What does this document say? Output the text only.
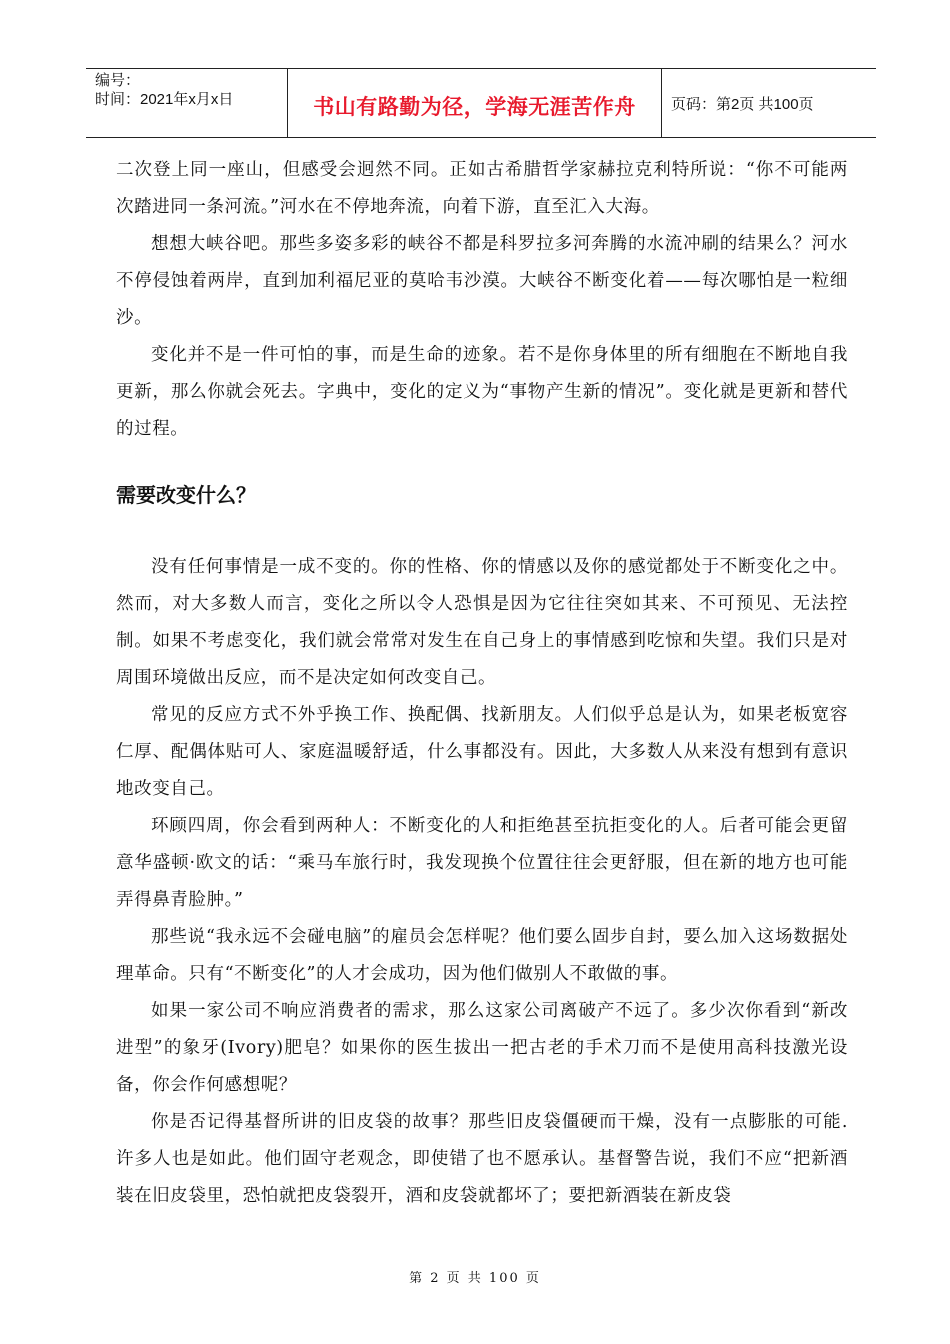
编号：
时间：2021年x月x日	书山有路勤为径，学海无涯苦作舟 页码：第2页 共100页

二次登上同一座山，但感受会迥然不同。正如古希腊哲学家赫拉克利特所说：“你不可能两次踏进同一条河流。”河水在不停地奔流，向着下游，直至汇入大海。

想想大峡谷吧。那些多姿多彩的峡谷不都是科罗拉多河奔腾的水流冲刷的结果么？河水不停侵蚀着两岸，直到加利福尼亚的莫哈韦沙漠。大峡谷不断变化着——每次哪怕是一粒细沙。

变化并不是一件可怕的事，而是生命的迹象。若不是你身体里的所有细胞在不断地自我更新，那么你就会死去。字典中，变化的定义为“事物产生新的情况”。变化就是更新和替代的过程。

需要改变什么？

没有任何事情是一成不变的。你的性格、你的情感以及你的感觉都处于不断变化之中。 然而，对大多数人而言，变化之所以令人恐惧是因为它往往突如其来、不可预见、无法控制。如果不考虑变化，我们就会常常对发生在自己身上的事情感到吃惊和失望。我们只是对周围环境做出反应，而不是决定如何改变自己。

常见的反应方式不外乎换工作、换配偶、找新朋友。人们似乎总是认为，如果老板宽容仁厚、配偶体贴可人、家庭温暖舒适，什么事都没有。因此，大多数人从来没有想到有意识地改变自己。

环顾四周，你会看到两种人：不断变化的人和拒绝甚至抗拒变化的人。后者可能会更留意华盛顿·欧文的话：“乘马车旅行时，我发现换个位置往往会更舒服，但在新的地方也可能弄得鼻青脸肿。”

那些说“我永远不会碰电脑”的雇员会怎样呢？他们要么固步自封，要么加入这场数据处理革命。只有“不断变化”的人才会成功，因为他们做别人不敢做的事。

如果一家公司不响应消费者的需求，那么这家公司离破产不远了。多少次你看到“新改进型”的象牙(Ivory)肥皂？如果你的医生拔出一把古老的手术刀而不是使用高科技激光设备，你会作何感想呢？

你是否记得基督所讲的旧皮袋的故事？那些旧皮袋僵硬而干燥，没有一点膨胀的可能. 许多人也是如此。他们固守老观念，即使错了也不愿承认。基督警告说，我们不应“把新酒装在旧皮袋里，恐怕就把皮袋裂开，酒和皮袋就都坏了；要把新酒装在新皮袋

第 2 页 共 100 页
